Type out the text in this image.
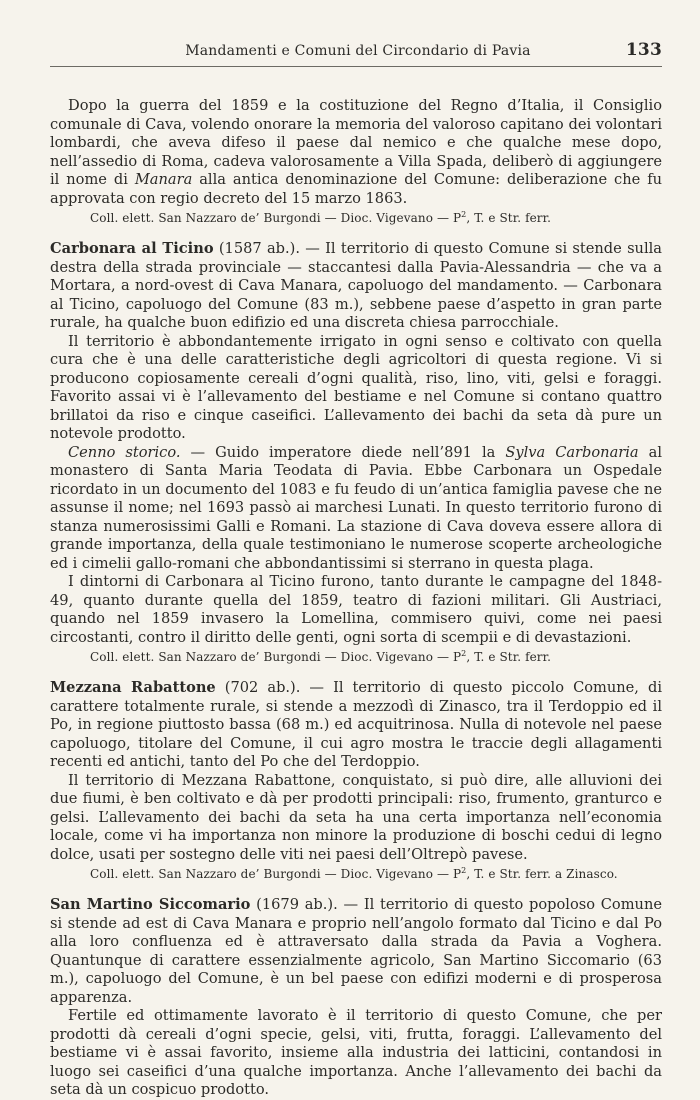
Mandamenti e Comuni del Circondario di Pavia	133

Dopo la guerra del 1859 e la costituzione del Regno d’Italia, il Consiglio comunale di Cava, volendo onorare la memoria del valoroso capitano dei volontari lombardi, che aveva difeso il paese dal nemico e che qualche mese dopo, nell’assedio di Roma, cadeva valorosamente a Villa Spada, deliberò di aggiungere il nome di Manara alla antica denominazione del Comune: deliberazione che fu approvata con regio decreto del 15 marzo 1863.

Coll. elett. San Nazzaro de’ Burgondi — Dioc. Vigevano — $P^2$, T. e Str. ferr.

Carbonara al Ticino (1587 ab.). — Il territorio di questo Comune si stende sulla destra della strada provinciale — staccantesi dalla Pavia-Alessandria — che va a Mortara, a nord-ovest di Cava Manara, capoluogo del mandamento. — Carbonara al Ticino, capoluogo del Comune (83 m.), sebbene paese d’aspetto in gran parte rurale, ha qualche buon edifizio ed una discreta chiesa parrocchiale.

Il territorio è abbondantemente irrigato in ogni senso e coltivato con quella cura che è una delle caratteristiche degli agricoltori di questa regione. Vi si producono copiosamente cereali d’ogni qualità, riso, lino, viti, gelsi e foraggi. Favorito assai vi è l’allevamento del bestiame e nel Comune si contano quattro brillatoi da riso e cinque caseifici. L’allevamento dei bachi da seta dà pure un notevole prodotto.

Cenno storico. — Guido imperatore diede nell’891 la Sylva Carbonaria al monastero di Santa Maria Teodata di Pavia. Ebbe Carbonara un Ospedale ricordato in un documento del 1083 e fu feudo di un’antica famiglia pavese che ne assunse il nome; nel 1693 passò ai marchesi Lunati. In questo territorio furono di stanza numerosissimi Galli e Romani. La stazione di Cava doveva essere allora di grande importanza, della quale testimoniano le numerose scoperte archeologiche ed i cimelii gallo-romani che abbondantissimi si sterrano in questa plaga.

I dintorni di Carbonara al Ticino furono, tanto durante le campagne del 1848-49, quanto durante quella del 1859, teatro di fazioni militari. Gli Austriaci, quando nel 1859 invasero la Lomellina, commisero quivi, come nei paesi circostanti, contro il diritto delle genti, ogni sorta di scempii e di devastazioni.

Coll. elett. San Nazzaro de’ Burgondi — Dioc. Vigevano — $P^2$, T. e Str. ferr.

Mezzana Rabattone (702 ab.). — Il territorio di questo piccolo Comune, di carattere totalmente rurale, si stende a mezzodì di Zinasco, tra il Terdoppio ed il Po, in regione piuttosto bassa (68 m.) ed acquitrinosa. Nulla di notevole nel paese capoluogo, titolare del Comune, il cui agro mostra le traccie degli allagamenti recenti ed antichi, tanto del Po che del Terdoppio.

Il territorio di Mezzana Rabattone, conquistato, si può dire, alle alluvioni dei due fiumi, è ben coltivato e dà per prodotti principali: riso, frumento, granturco e gelsi. L’allevamento dei bachi da seta ha una certa importanza nell’economia locale, come vi ha importanza non minore la produzione di boschi cedui di legno dolce, usati per sostegno delle viti nei paesi dell’Oltrepò pavese.

Coll. elett. San Nazzaro de’ Burgondi — Dioc. Vigevano — $P^2$, T. e Str. ferr. a Zinasco.

San Martino Siccomario (1679 ab.). — Il territorio di questo popoloso Comune si stende ad est di Cava Manara e proprio nell’angolo formato dal Ticino e dal Po alla loro confluenza ed è attraversato dalla strada da Pavia a Voghera. Quantunque di carattere essenzialmente agricolo, San Martino Siccomario (63 m.), capoluogo del Comune, è un bel paese con edifizi moderni e di prosperosa apparenza.

Fertile ed ottimamente lavorato è il territorio di questo Comune, che per prodotti dà cereali d’ogni specie, gelsi, viti, frutta, foraggi. L’allevamento del bestiame vi è assai favorito, insieme alla industria dei latticini, contandosi in luogo sei caseifici d’una qualche importanza. Anche l’allevamento dei bachi da seta dà un cospicuo prodotto.
